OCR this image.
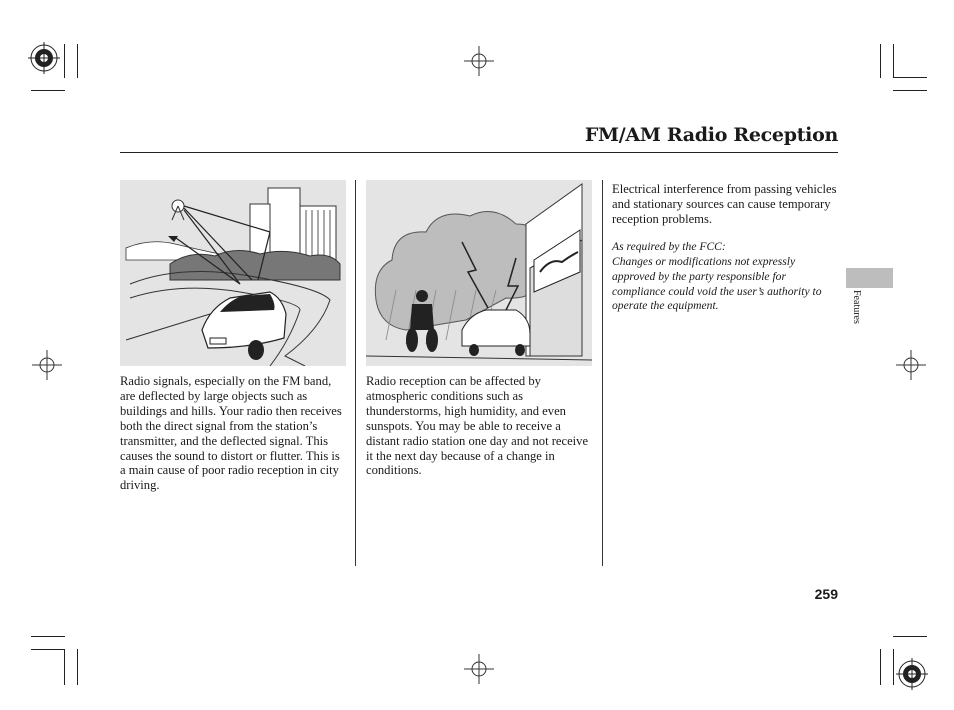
FM/AM Radio Reception
Radio signals, especially on the FM band, are deflected by large objects such as buildings and hills. Your radio then receives both the direct signal from the station’s transmitter, and the deflected signal. This causes the sound to distort or flutter. This is a main cause of poor radio reception in city driving.
Radio reception can be affected by atmospheric conditions such as thunderstorms, high humidity, and even sunspots. You may be able to receive a distant radio station one day and not receive it the next day because of a change in conditions.
Electrical interference from passing vehicles and stationary sources can cause temporary reception problems.
As required by the FCC:
Changes or modifications not expressly approved by the party responsible for compliance could void the user’s authority to operate the equipment.	Features
259
